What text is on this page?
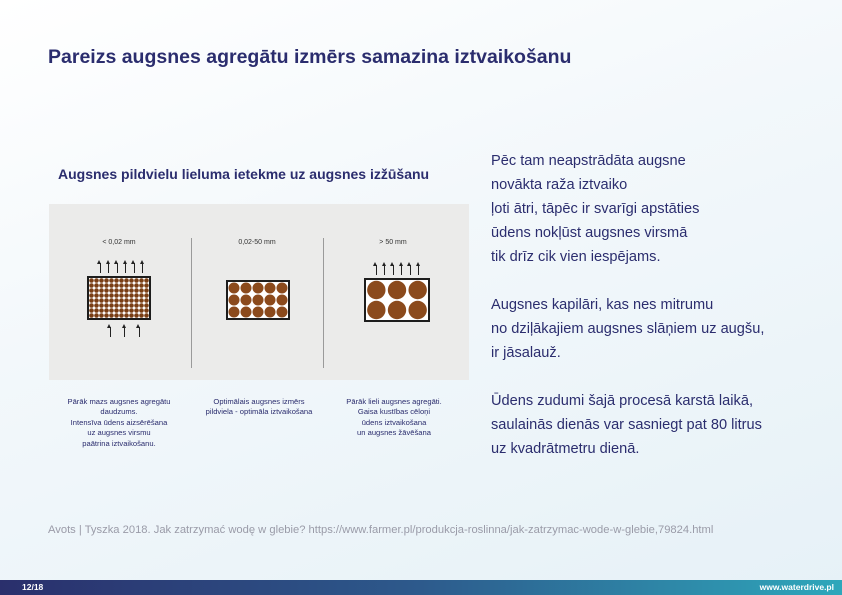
Pareizs augsnes agregātu izmērs samazina iztvaikošanu
Augsnes pildvielu lieluma ietekme uz augsnes izžūšanu
< 0,02 mm	0,02-50 mm	> 50 mm
Pārāk mazs augsnes agregātu
daudzums.
Intensīva ūdens aizsērēšana
uz augsnes virsmu
paātrina iztvaikošanu.
Optimālais augsnes izmērs
pildviela - optimāla iztvaikošana
Pārāk lieli augsnes agregāti.
Gaisa kustības cēloņi
ūdens iztvaikošana
un augsnes žāvēšana

Pēc tam neapstrādāta augsne
novākta raža iztvaiko
ļoti ātri, tāpēc ir svarīgi apstāties
ūdens nokļūst augsnes virsmā
tik drīz cik vien iespējams.

Augsnes kapilāri, kas nes mitrumu
no dziļākajiem augsnes slāņiem uz augšu,
ir jāsalauž.

Ūdens zudumi šajā procesā karstā laikā,
saulainās dienās var sasniegt pat 80 litrus
uz kvadrātmetru dienā.

Avots | Tyszka 2018. Jak zatrzymać wodę w glebie? https://www.farmer.pl/produkcja-roslinna/jak-zatrzymac-wode-w-glebie,79824.html
12/18	www.waterdrive.pl
